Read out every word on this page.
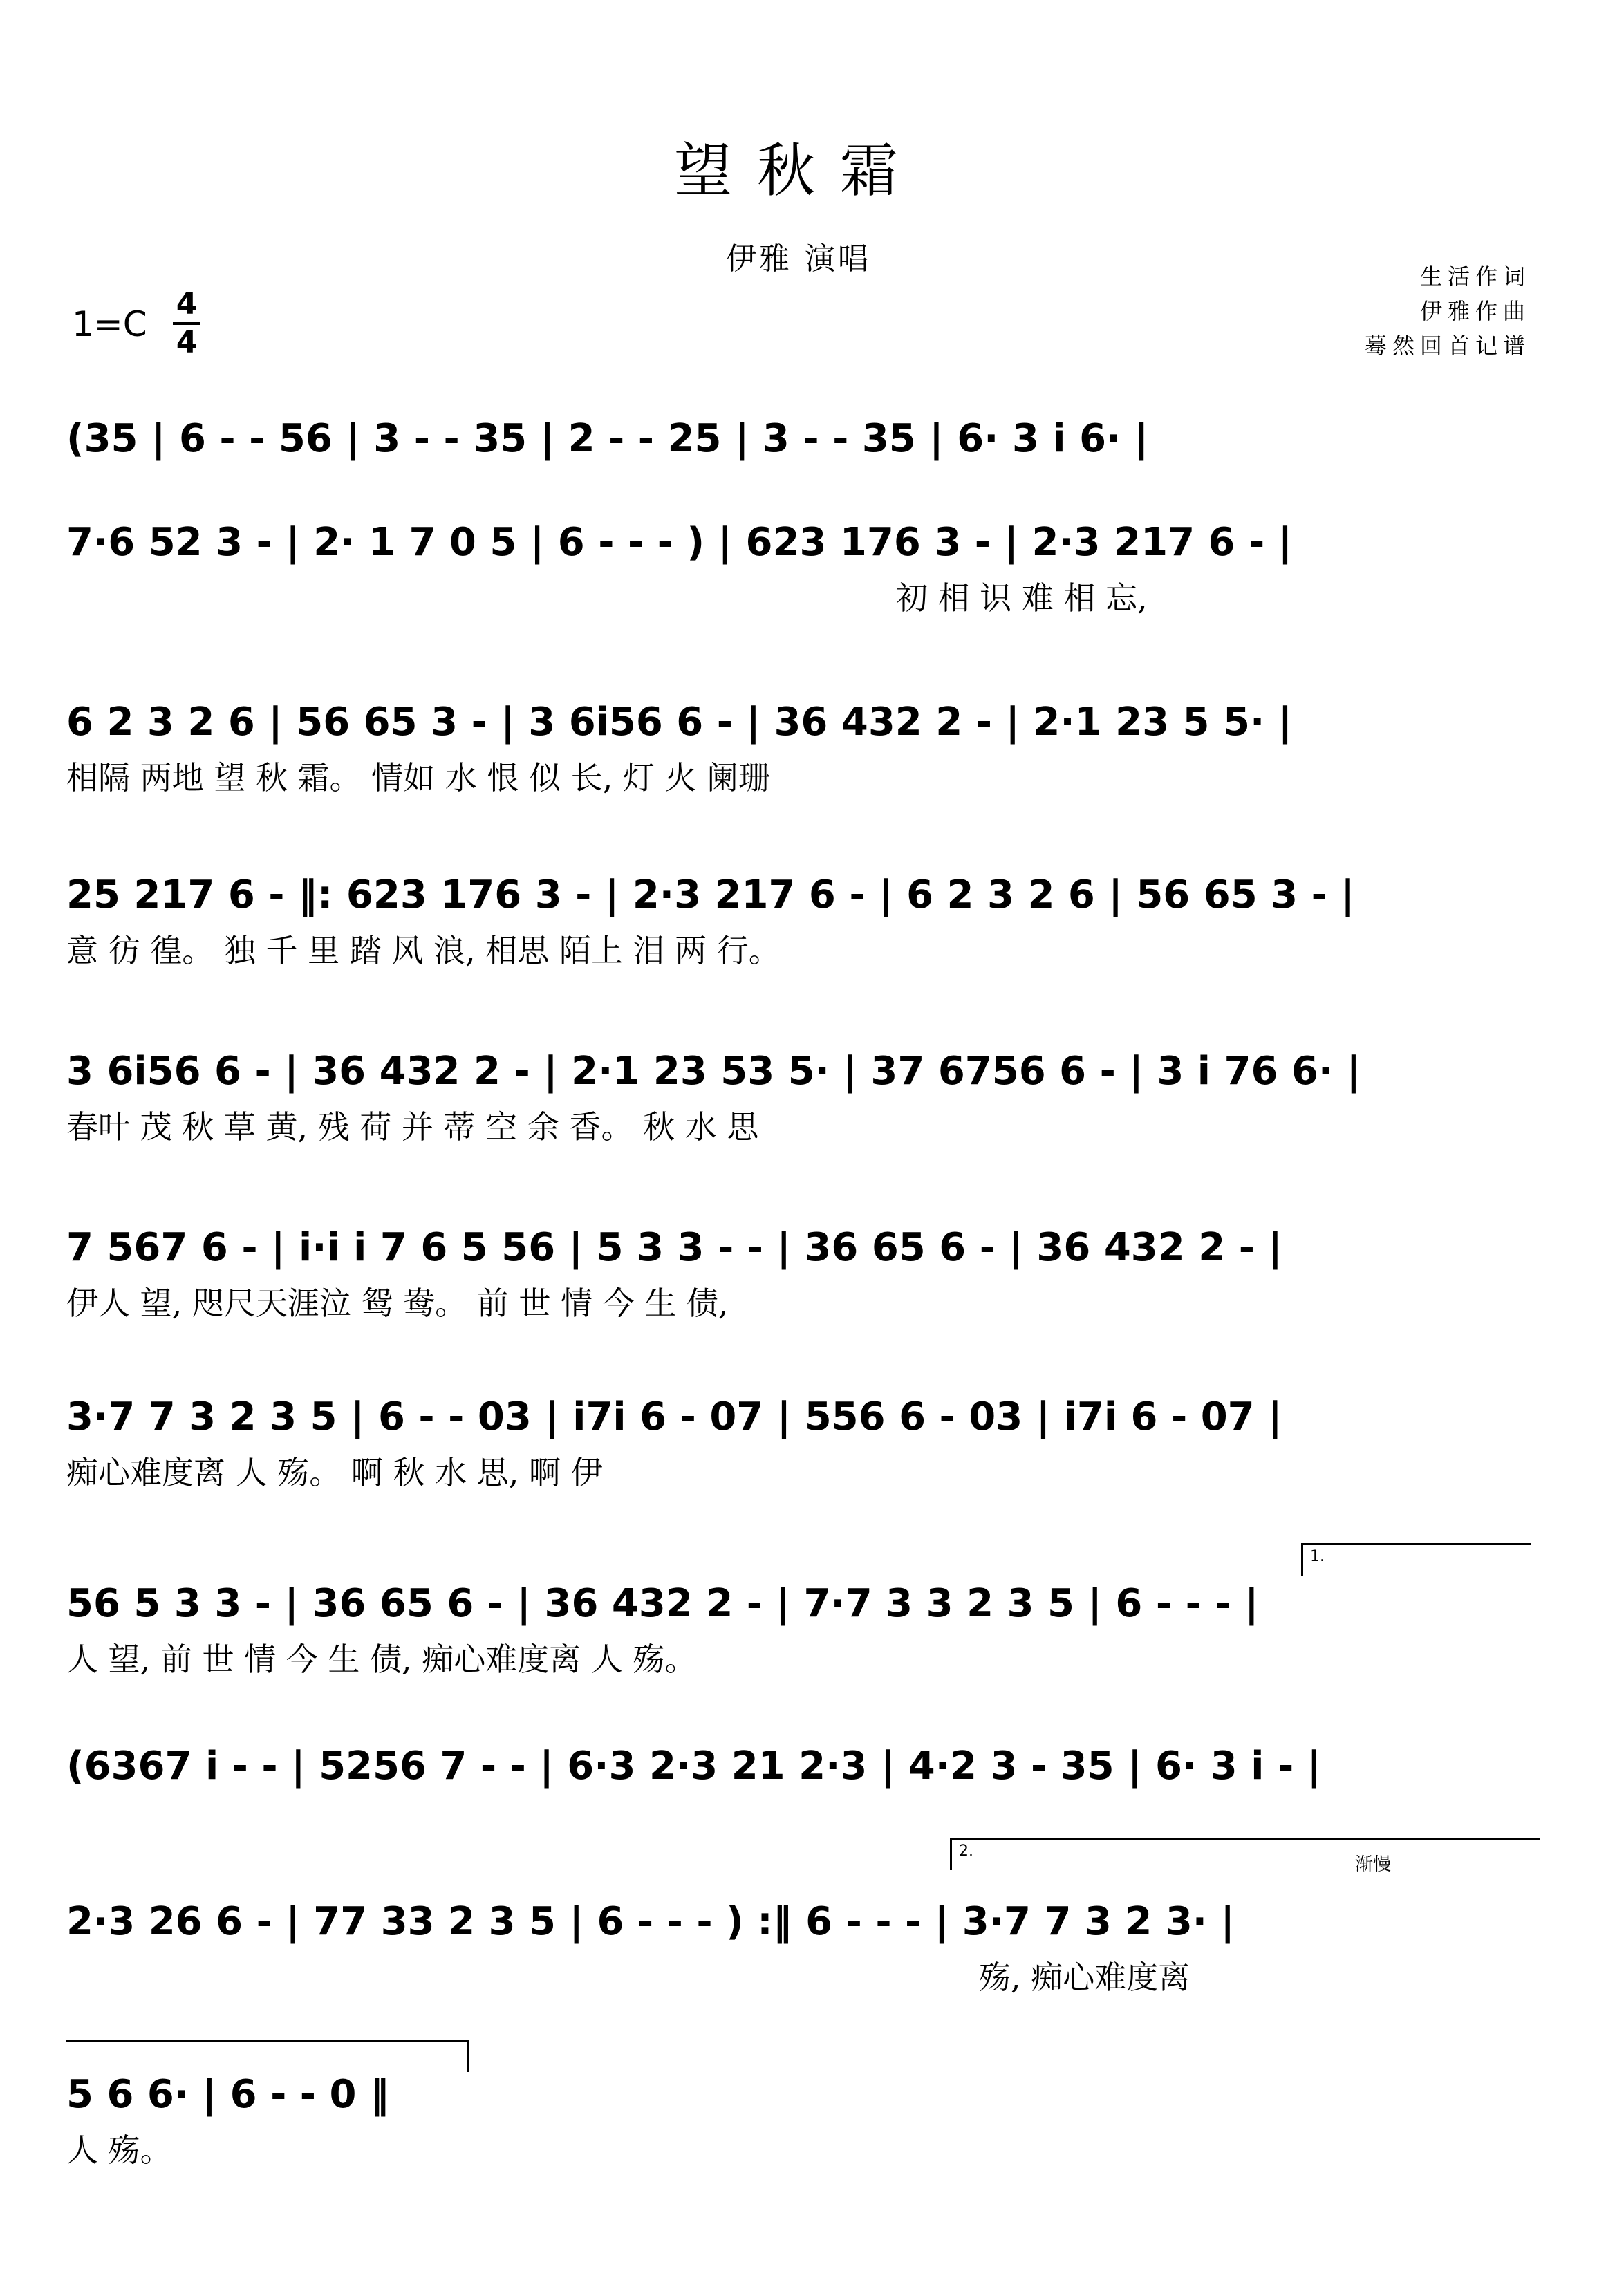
望秋霜
伊雅 演唱	生活作词
伊雅作曲
蓦然回首记谱
1=C
4
4
(35 | 6 - - 56 | 3 - - 35 | 2 - - 25 | 3 - - 35 | 6· 3 i 6· |
7·6 52 3 - | 2· 1 7 0 5 | 6 - - - ) | 623 176 3 - | 2·3 217 6 - |
初 相 识 难 相 忘,
6 2 3 2 6 | 56 65 3 - | 3 6i56 6 - | 36 432 2 - | 2·1 23 5 5· |
相隔 两地 望 秋 霜。 情如 水 恨 似 长, 灯 火 阑珊
25 217 6 - ‖: 623 176 3 - | 2·3 217 6 - | 6 2 3 2 6 | 56 65 3 - |
意 彷 徨。 独 千 里 踏 风 浪, 相思 陌上 泪 两 行。
3 6i56 6 - | 36 432 2 - | 2·1 23 53 5· | 37 6756 6 - | 3 i 76 6· |
春叶 茂 秋 草 黄, 残 荷 并 蒂 空 余 香。 秋 水 思
7 567 6 - | i·i i 7 6 5 56 | 5 3 3 - - | 36 65 6 - | 36 432 2 - |
伊人 望, 咫尺天涯泣 鸳 鸯。 前 世 情 今 生 债,
3·7 7 3 2 3 5 | 6 - - 03 | i7i 6 - 07 | 556 6 - 03 | i7i 6 - 07 |
痴心难度离 人 殇。 啊 秋 水 思, 啊 伊
56 5 3 3 - | 36 65 6 - | 36 432 2 - | 7·7 3 3 2 3 5 | 6 - - - |
人 望, 前 世 情 今 生 债, 痴心难度离 人 殇。
1.
(6367 i - - | 5256 7 - - | 6·3 2·3 21 2·3 | 4·2 3 - 35 | 6· 3 i - |
2·3 26 6 - | 77 33 2 3 5 | 6 - - - ) :‖ 6 - - - | 3·7 7 3 2 3· |
殇, 痴心难度离
2.
渐慢
5 6 6· | 6 - - 0 ‖
人 殇。
